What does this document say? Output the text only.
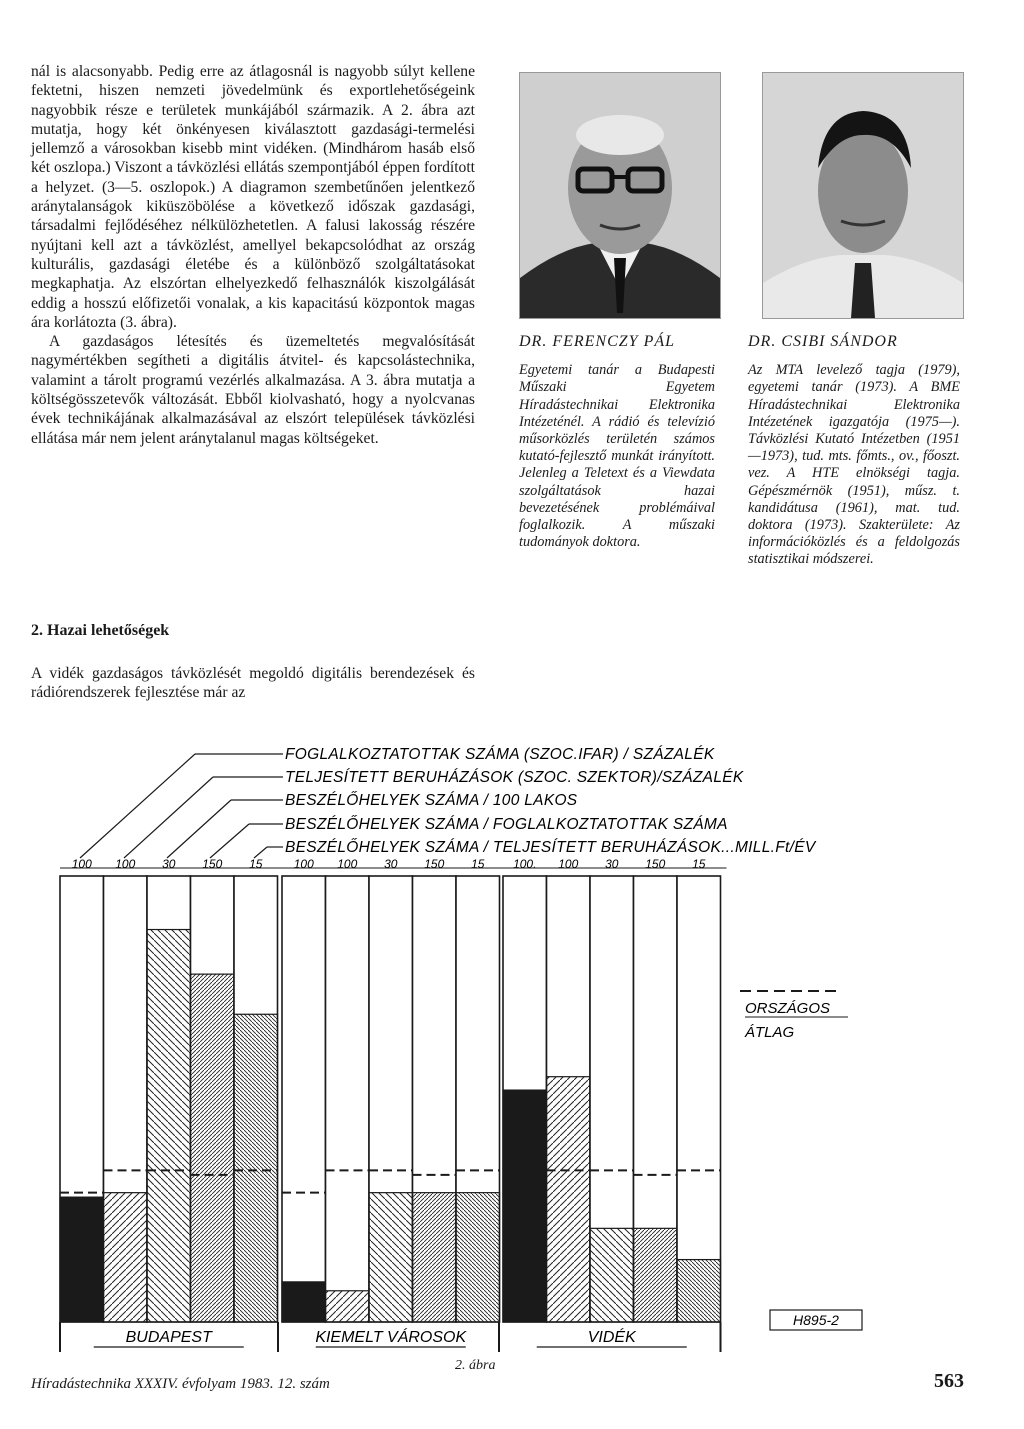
nál is alacsonyabb. Pedig erre az átlagosnál is nagyobb súlyt kellene fektetni, hiszen nemzeti jövedelmünk és exportlehetőségeink nagyobbik része e területek munkájából származik. A 2. ábra azt mutatja, hogy két önkényesen kiválasztott gazdasági-termelési jellemző a városokban kisebb mint vidéken. (Mindhárom hasáb első két oszlopa.) Viszont a távközlési ellátás szempontjából éppen fordított a helyzet. (3—5. oszlopok.) A diagramon szembetűnően jelentkező aránytalanságok kiküszöbölése a következő időszak gazdasági, társadalmi fejlődéséhez nélkülözhetetlen. A falusi lakosság részére nyújtani kell azt a távközlést, amellyel bekapcsolódhat az ország kulturális, gazdasági életébe és a különböző szolgáltatásokat megkaphatja. Az elszórtan elhelyezkedő felhasználók kiszolgálását eddig a hosszú előfizetői vonalak, a kis kapacitású központok magas ára korlátozta (3. ábra).

A gazdaságos létesítés és üzemeltetés megvalósítását nagymértékben segítheti a digitális átvitel- és kapcsolástechnika, valamint a tárolt programú vezérlés alkalmazása. A 3. ábra mutatja a költségösszetevők változását. Ebből kiolvasható, hogy a nyolcvanas évek technikájának alkalmazásával az elszórt települések távközlési ellátása már nem jelent aránytalanul magas költségeket.

2. Hazai lehetőségek
A vidék gazdaságos távközlését megoldó digitális berendezések és rádiórendszerek fejlesztése már az
DR. FERENCZY PÁL
Egyetemi tanár a Budapesti Műszaki Egyetem Híradástechnikai Elektronika Intézeténél. A rádió és televízió műsorközlés területén számos kutató-fejlesztő munkát irányított. Jelenleg a Teletext és a Viewdata szolgáltatások hazai bevezetésének problémáival foglalkozik. A műszaki tudományok doktora.
DR. CSIBI SÁNDOR
Az MTA levelező tagja (1979), egyetemi tanár (1973). A BME Híradástechnikai Elektronika Intézetének igazgatója (1975—). Távközlési Kutató Intézetben (1951—1973), tud. mts. főmts., ov., főoszt. vez. A HTE elnökségi tagja. Gépészmérnök (1951), műsz. t. kandidátusa (1961), mat. tud. doktora (1973). Szakterülete: Az információközlés és a feldolgozás statisztikai módszerei.
FOGLALKOZTATOTTAK SZÁMA (SZOC.IFAR) / SZÁZALÉK
TELJESÍTETT BERUHÁZÁSOK (SZOC. SZEKTOR)/SZÁZALÉK
BESZÉLŐHELYEK SZÁMA / 100 LAKOS
BESZÉLŐHELYEK SZÁMA / FOGLALKOZTATOTTAK SZÁMA
BESZÉLŐHELYEK SZÁMA / TELJESÍTETT BERUHÁZÁSOK...MILL.Ft/ÉV
100 100 30 150 15	100 100 30 150 15 100. 100 30 150 15
BUDAPEST	KIEMELT VÁROSOK	VIDÉK
ORSZÁGOS
ÁTLAG
H895-2
2. ábra
Híradástechnika XXXIV. évfolyam 1983. 12. szám	563
